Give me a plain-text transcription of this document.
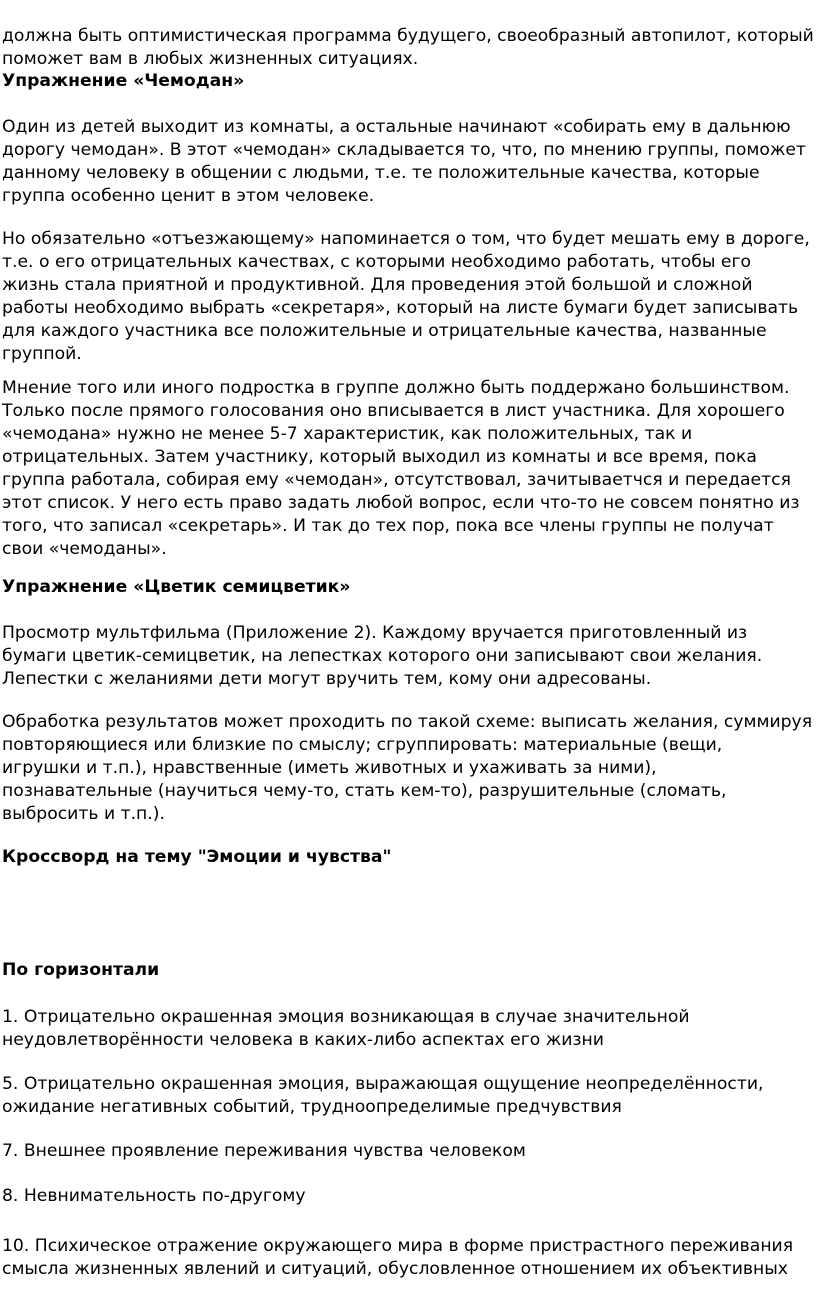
должна быть оптимистическая программа будущего, своеобразный автопилот, который
поможет вам в любых жизненных ситуациях.
Упражнение «Чемодан»
Один из детей выходит из комнаты, а остальные начинают «собирать ему в дальнюю
дорогу чемодан». В этот «чемодан» складывается то, что, по мнению группы, поможет
данному человеку в общении с людьми, т.е. те положительные качества, которые
группа особенно ценит в этом человеке.
Но обязательно «отъезжающему» напоминается о том, что будет мешать ему в дороге,
т.е. о его отрицательных качествах, с которыми необходимо работать, чтобы его
жизнь стала приятной и продуктивной. Для проведения этой большой и сложной
работы необходимо выбрать «секретаря», который на листе бумаги будет записывать
для каждого участника все положительные и отрицательные качества, названные
группой.
Мнение того или иного подростка в группе должно быть поддержано большинством.
Только после прямого голосования оно вписывается в лист участника. Для хорошего
«чемодана» нужно не менее 5-7 характеристик, как положительных, так и
отрицательных. Затем участнику, который выходил из комнаты и все время, пока
группа работала, собирая ему «чемодан», отсутствовал, зачитываетчся и передается
этот список. У него есть право задать любой вопрос, если что-то не совсем понятно из
того, что записал «секретарь». И так до тех пор, пока все члены группы не получат
свои «чемоданы».
Упражнение «Цветик семицветик»
Просмотр мультфильма (Приложение 2). Каждому вручается приготовленный из
бумаги цветик-семицветик, на лепестках которого они записывают свои желания.
Лепестки с желаниями дети могут вручить тем, кому они адресованы.
Обработка результатов может проходить по такой схеме: выписать желания, суммируя
повторяющиеся или близкие по смыслу; сгруппировать: материальные (вещи,
игрушки и т.п.), нравственные (иметь животных и ухаживать за ними),
познавательные (научиться чему-то, стать кем-то), разрушительные (сломать,
выбросить и т.п.).
Кроссворд на тему "Эмоции и чувства"
По горизонтали
1. Отрицательно окрашенная эмоция возникающая в случае значительной
неудовлетворённости человека в каких-либо аспектах его жизни
5. Отрицательно окрашенная эмоция, выражающая ощущение неопределённости,
ожидание негативных событий, трудноопределимые предчувствия
7. Внешнее проявление переживания чувства человеком
8. Невнимательность по-другому
10. Психическое отражение окружающего мира в форме пристрастного переживания
смысла жизненных явлений и ситуаций, обусловленное отношением их объективных
